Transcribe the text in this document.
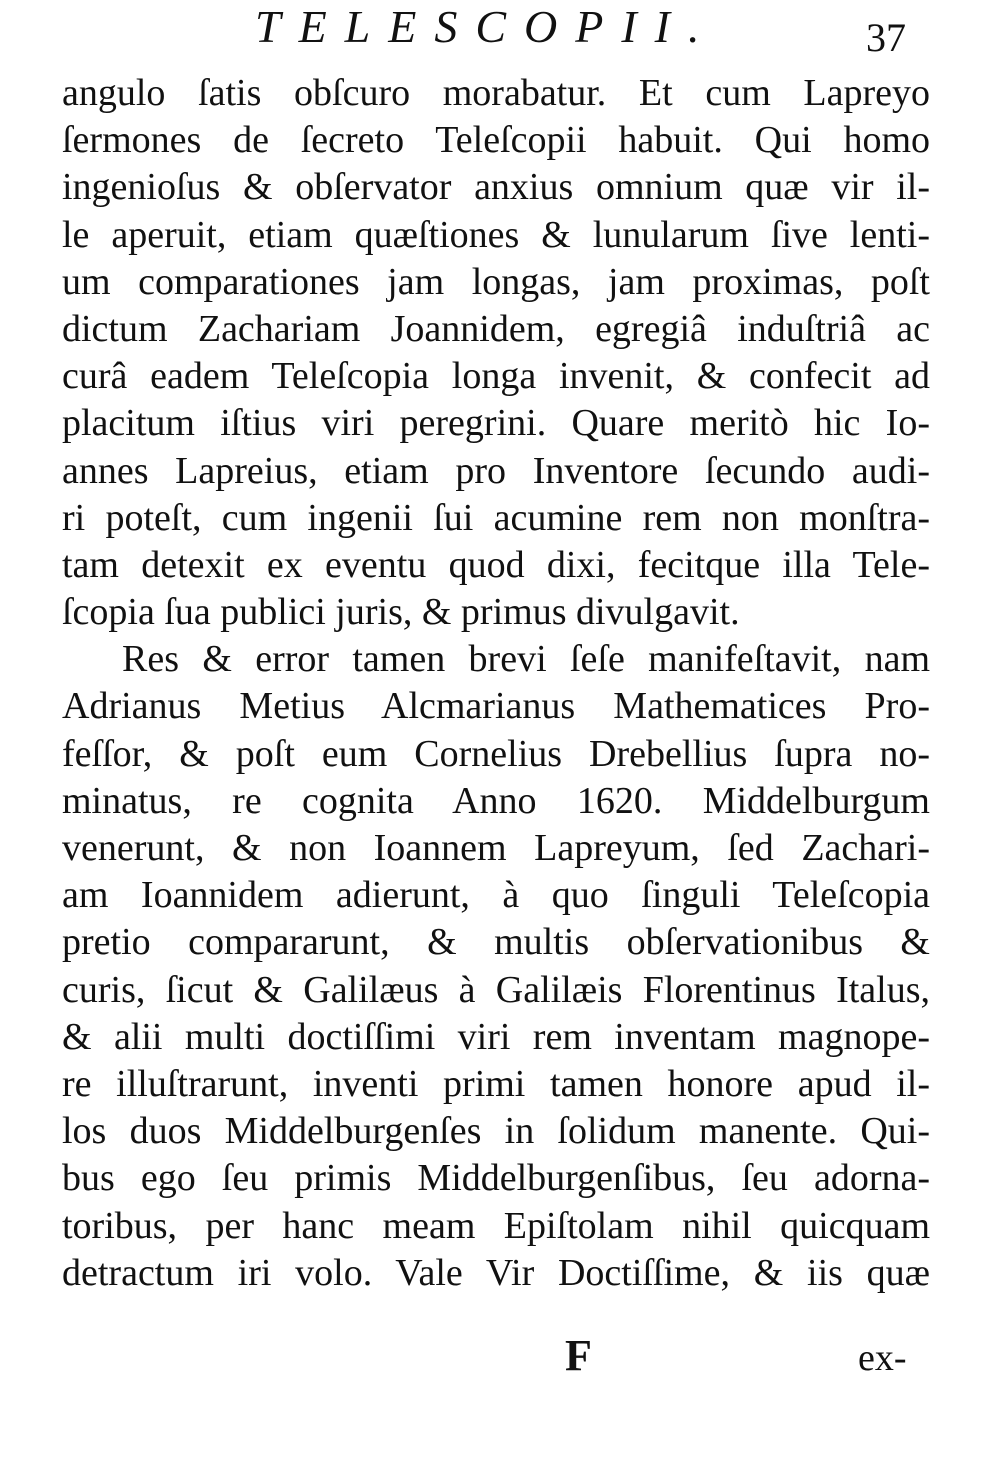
TELESCOPII.	37
angulo ſatis obſcuro morabatur. Et cum Lapreyo
ſermones de ſecreto Teleſcopii habuit. Qui homo
ingenioſus & obſervator anxius omnium quæ vir il-
le aperuit, etiam quæſtiones & lunularum ſive lenti-
um comparationes jam longas, jam proximas, poſt
dictum Zachariam Joannidem, egregiâ induſtriâ ac
curâ eadem Teleſcopia longa invenit, & confecit ad
placitum iſtius viri peregrini. Quare meritò hic Io-
annes Lapreius, etiam pro Inventore ſecundo audi-
ri poteſt, cum ingenii ſui acumine rem non monſtra-
tam detexit ex eventu quod dixi, fecitque illa Tele-
ſcopia ſua publici juris, & primus divulgavit.
Res & error tamen brevi ſeſe manifeſtavit, nam
Adrianus Metius Alcmarianus Mathematices Pro-
feſſor, & poſt eum Cornelius Drebellius ſupra no-
minatus, re cognita Anno 1620. Middelburgum
venerunt, & non Ioannem Lapreyum, ſed Zachari-
am Ioannidem adierunt, à quo ſinguli Teleſcopia
pretio compararunt, & multis obſervationibus &
curis, ſicut & Galilæus à Galilæis Florentinus Italus,
& alii multi doctiſſimi viri rem inventam magnope-
re illuſtrarunt, inventi primi tamen honore apud il-
los duos Middelburgenſes in ſolidum manente. Qui-
bus ego ſeu primis Middelburgenſibus, ſeu adorna-
toribus, per hanc meam Epiſtolam nihil quicquam
detractum iri volo. Vale Vir Doctiſſime, & iis quæ
F	ex-
